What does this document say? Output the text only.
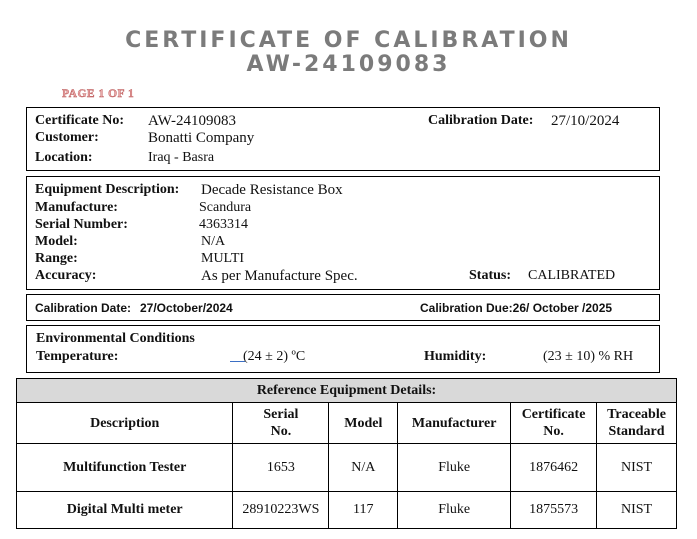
CERTIFICATE OF CALIBRATION
AW-24109083
PAGE 1 OF 1
Certificate No: AW-24109083
Customer:	Bonatti Company
Location:	Iraq - Basra
Calibration Date: 27/10/2024
Equipment Description: Decade Resistance Box
Manufacture:	Scandura
Serial Number:	4363314
Model:	N/A
Range:	MULTI
Accuracy:	As per Manufacture Spec.	Status: CALIBRATED
Calibration Date: 27/October/2024	Calibration Due:26/ October /2025
Environmental Conditions
Temperature:	(24 ± 2) ºC	Humidity:	(23 ± 10) % RH
Reference Equipment Details:					
Description	Serial No.	Model	Manufacturer	Certificate No.	Traceable Standard
Multifunction Tester	1653	N/A	Fluke	1876462	NIST
Digital Multi meter	28910223WS	117	Fluke	1875573	NIST
